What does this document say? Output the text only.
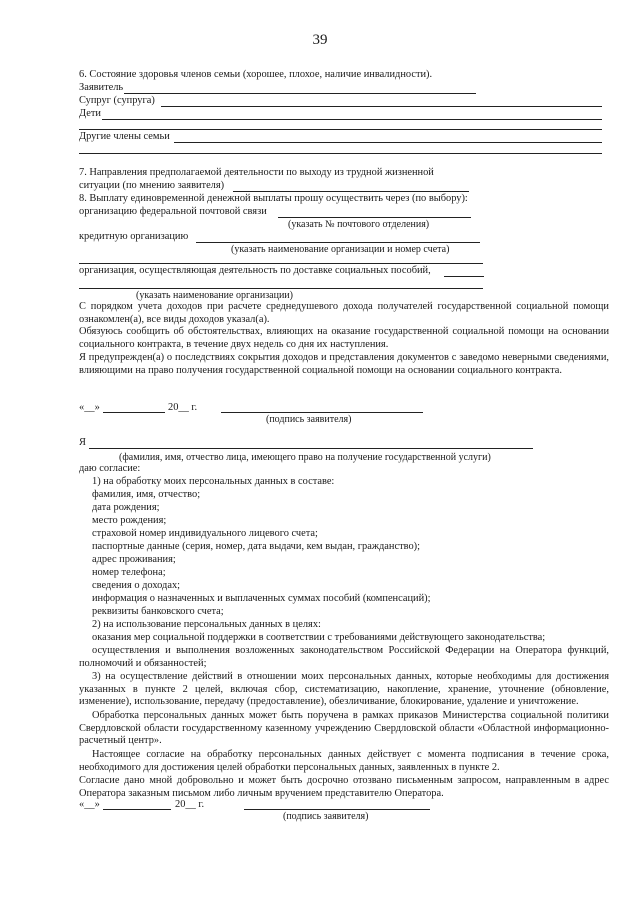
39
6. Состояние здоровья членов семьи (хорошее, плохое, наличие инвалидности).
Заявитель
Супруг (супруга)
Дети
Другие члены семьи
7. Направления предполагаемой деятельности по выходу из трудной жизненной
ситуации (по мнению заявителя)
8. Выплату единовременной денежной выплаты прошу осуществить через (по выбору):
организацию федеральной почтовой связи
(указать № почтового отделения)
кредитную организацию
(указать наименование организации и номер счета)
организация, осуществляющая деятельность по доставке социальных пособий,
(указать наименование организации)

С порядком учета доходов при расчете среднедушевого дохода получателей государственной социальной помощи ознакомлен(а), все виды доходов указал(а).

Обязуюсь сообщить об обстоятельствах, влияющих на оказание государственной социальной помощи на основании социального контракта, в течение двух недель со дня их наступления.

Я предупрежден(а) о последствиях сокрытия доходов и представления документов с заведомо неверными сведениями, влияющими на право получения государственной социальной помощи на основании социального контракта.

«__»	20__ г.
(подпись заявителя)
Я
(фамилия, имя, отчество лица, имеющего право на получение государственной услуги)
даю согласие:
1) на обработку моих персональных данных в составе:
фамилия, имя, отчество;
дата рождения;
место рождения;
страховой номер индивидуального лицевого счета;
паспортные данные (серия, номер, дата выдачи, кем выдан, гражданство);
адрес проживания;
номер телефона;
сведения о доходах;
информация о назначенных и выплаченных суммах пособий (компенсаций);
реквизиты банковского счета;
2) на использование персональных данных в целях:
оказания мер социальной поддержки в соответствии с требованиями действующего законодательства;
осуществления и выполнения возложенных законодательством Российской Федерации на Оператора функций, полномочий и обязанностей;
3) на осуществление действий в отношении моих персональных данных, которые необходимы для достижения указанных в пункте 2 целей, включая сбор, систематизацию, накопление, хранение, уточнение (обновление, изменение), использование, передачу (предоставление), обезличивание, блокирование, удаление и уничтожение.
Обработка персональных данных может быть поручена в рамках приказов Министерства социальной политики Свердловской области государственному казенному учреждению Свердловской области «Областной информационно-расчетный центр».
Настоящее согласие на обработку персональных данных действует с момента подписания в течение срока, необходимого для достижения целей обработки персональных данных, заявленных в пункте 2.
Согласие дано мной добровольно и может быть досрочно отозвано письменным запросом, направленным в адрес Оператора заказным письмом либо личным вручением представителю Оператора.
«__»	20__ г.
(подпись заявителя)
